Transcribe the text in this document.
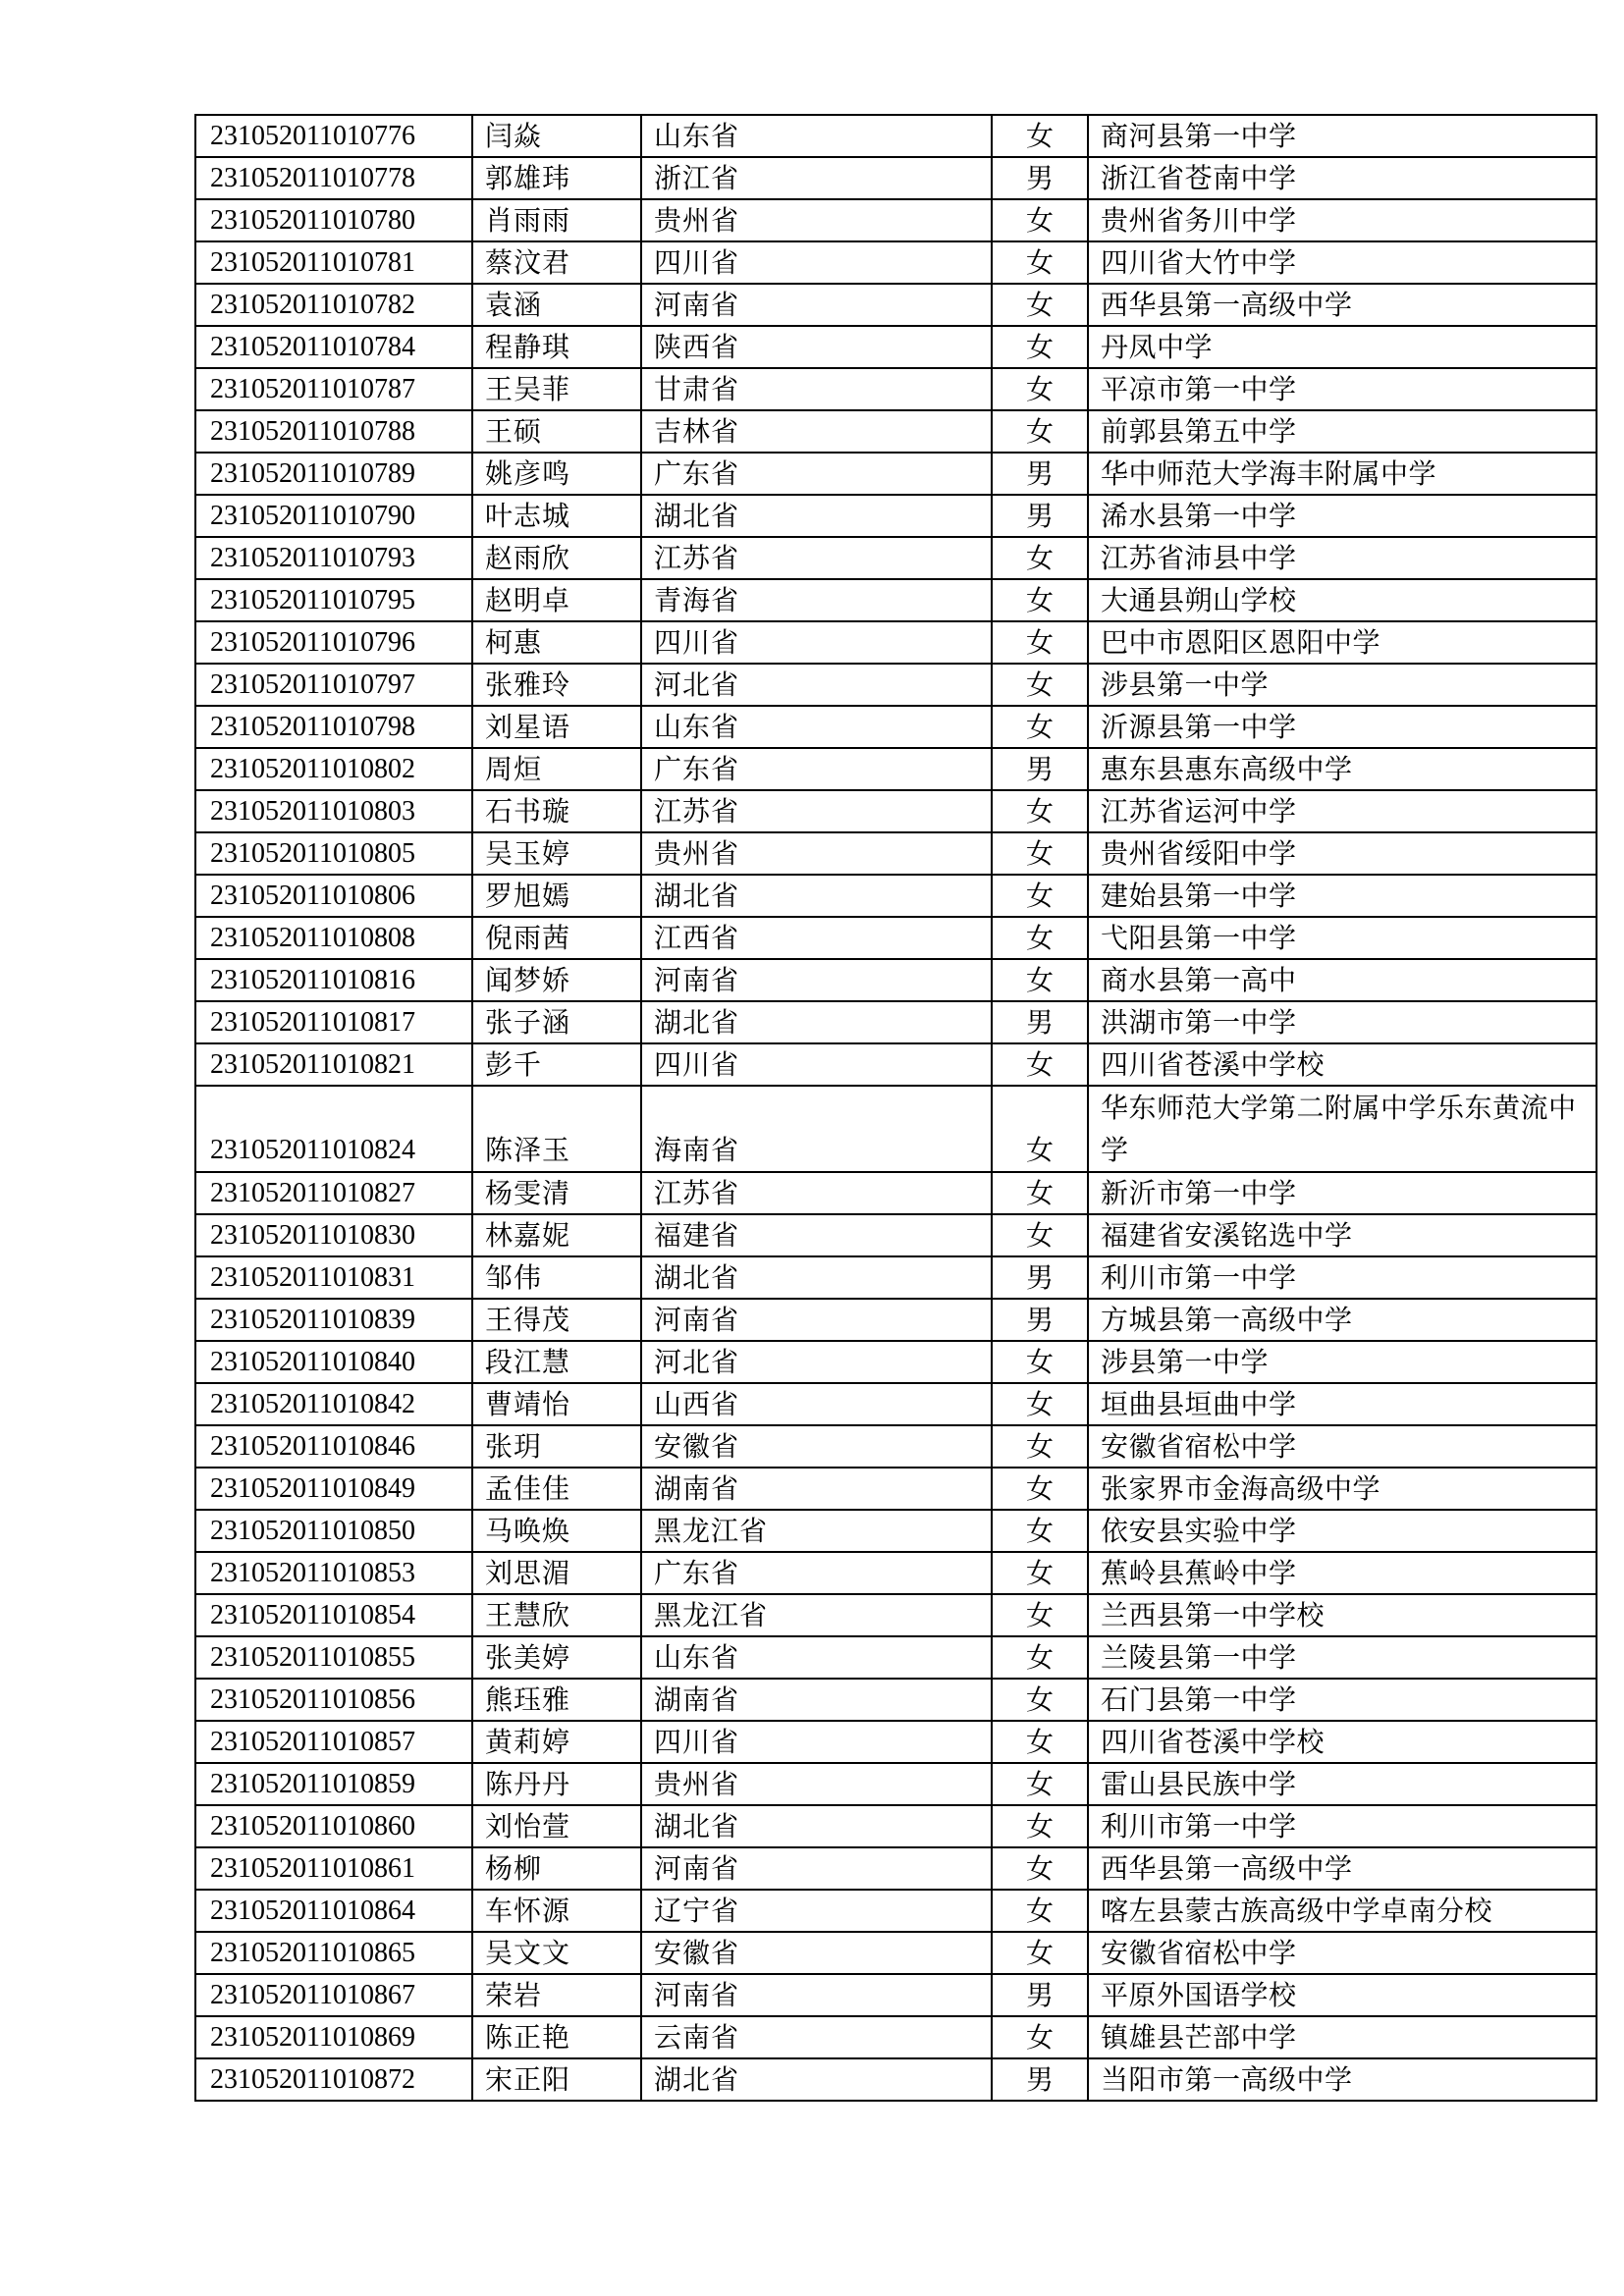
231052011010776	闫焱	山东省	女	商河县第一中学
231052011010778	郭雄玮	浙江省	男	浙江省苍南中学
231052011010780	肖雨雨	贵州省	女	贵州省务川中学
231052011010781	蔡汶君	四川省	女	四川省大竹中学
231052011010782	袁涵	河南省	女	西华县第一高级中学
231052011010784	程静琪	陕西省	女	丹凤中学
231052011010787	王吴菲	甘肃省	女	平凉市第一中学
231052011010788	王硕	吉林省	女	前郭县第五中学
231052011010789	姚彦鸣	广东省	男	华中师范大学海丰附属中学
231052011010790	叶志城	湖北省	男	浠水县第一中学
231052011010793	赵雨欣	江苏省	女	江苏省沛县中学
231052011010795	赵明卓	青海省	女	大通县朔山学校
231052011010796	柯惠	四川省	女	巴中市恩阳区恩阳中学
231052011010797	张雅玲	河北省	女	涉县第一中学
231052011010798	刘星语	山东省	女	沂源县第一中学
231052011010802	周烜	广东省	男	惠东县惠东高级中学
231052011010803	石书璇	江苏省	女	江苏省运河中学
231052011010805	吴玉婷	贵州省	女	贵州省绥阳中学
231052011010806	罗旭嫣	湖北省	女	建始县第一中学
231052011010808	倪雨茜	江西省	女	弋阳县第一中学
231052011010816	闻梦娇	河南省	女	商水县第一高中
231052011010817	张子涵	湖北省	男	洪湖市第一中学
231052011010821	彭千	四川省	女	四川省苍溪中学校
231052011010824	陈泽玉	海南省	女	华东师范大学第二附属中学乐东黄流中学
231052011010827	杨雯清	江苏省	女	新沂市第一中学
231052011010830	林嘉妮	福建省	女	福建省安溪铭选中学
231052011010831	邹伟	湖北省	男	利川市第一中学
231052011010839	王得茂	河南省	男	方城县第一高级中学
231052011010840	段江慧	河北省	女	涉县第一中学
231052011010842	曹靖怡	山西省	女	垣曲县垣曲中学
231052011010846	张玥	安徽省	女	安徽省宿松中学
231052011010849	孟佳佳	湖南省	女	张家界市金海高级中学
231052011010850	马唤焕	黑龙江省	女	依安县实验中学
231052011010853	刘思湄	广东省	女	蕉岭县蕉岭中学
231052011010854	王慧欣	黑龙江省	女	兰西县第一中学校
231052011010855	张美婷	山东省	女	兰陵县第一中学
231052011010856	熊珏雅	湖南省	女	石门县第一中学
231052011010857	黄莉婷	四川省	女	四川省苍溪中学校
231052011010859	陈丹丹	贵州省	女	雷山县民族中学
231052011010860	刘怡萱	湖北省	女	利川市第一中学
231052011010861	杨柳	河南省	女	西华县第一高级中学
231052011010864	车怀源	辽宁省	女	喀左县蒙古族高级中学卓南分校
231052011010865	吴文文	安徽省	女	安徽省宿松中学
231052011010867	荣岩	河南省	男	平原外国语学校
231052011010869	陈正艳	云南省	女	镇雄县芒部中学
231052011010872	宋正阳	湖北省	男	当阳市第一高级中学
